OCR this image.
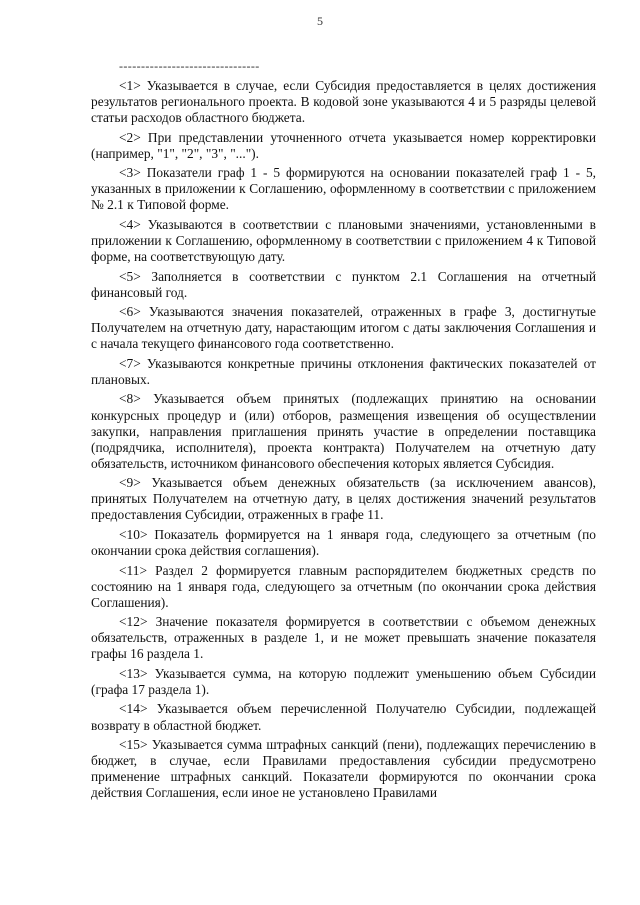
5
--------------------------------

<1> Указывается в случае, если Субсидия предоставляется в целях достижения результатов регионального проекта. В кодовой зоне указываются 4 и 5 разряды целевой статьи расходов областного бюджета.

<2> При представлении уточненного отчета указывается номер корректировки (например, "1", "2", "3", "...").

<3> Показатели граф 1 - 5 формируются на основании показателей граф 1 - 5, указанных в приложении к Соглашению, оформленному в соответствии с приложением № 2.1 к Типовой форме.

<4> Указываются в соответствии с плановыми значениями, установленными в приложении к Соглашению, оформленному в соответствии с приложением 4 к Типовой форме, на соответствующую дату.

<5> Заполняется в соответствии с пунктом 2.1 Соглашения на отчетный финансовый год.

<6> Указываются значения показателей, отраженных в графе 3, достигнутые Получателем на отчетную дату, нарастающим итогом с даты заключения Соглашения и с начала текущего финансового года соответственно.

<7> Указываются конкретные причины отклонения фактических показателей от плановых.

<8> Указывается объем принятых (подлежащих принятию на основании конкурсных процедур и (или) отборов, размещения извещения об осуществлении закупки, направления приглашения принять участие в определении поставщика (подрядчика, исполнителя), проекта контракта) Получателем на отчетную дату обязательств, источником финансового обеспечения которых является Субсидия.

<9> Указывается объем денежных обязательств (за исключением авансов), принятых Получателем на отчетную дату, в целях достижения значений результатов предоставления Субсидии, отраженных в графе 11.

<10> Показатель формируется на 1 января года, следующего за отчетным (по окончании срока действия соглашения).

<11> Раздел 2 формируется главным распорядителем бюджетных средств по состоянию на 1 января года, следующего за отчетным (по окончании срока действия Соглашения).

<12> Значение показателя формируется в соответствии с объемом денежных обязательств, отраженных в разделе 1, и не может превышать значение показателя графы 16 раздела 1.

<13> Указывается сумма, на которую подлежит уменьшению объем Субсидии (графа 17 раздела 1).

<14> Указывается объем перечисленной Получателю Субсидии, подлежащей возврату в областной бюджет.

<15> Указывается сумма штрафных санкций (пени), подлежащих перечислению в бюджет, в случае, если Правилами предоставления субсидии предусмотрено применение штрафных санкций. Показатели формируются по окончании срока действия Соглашения, если иное не установлено Правилами
